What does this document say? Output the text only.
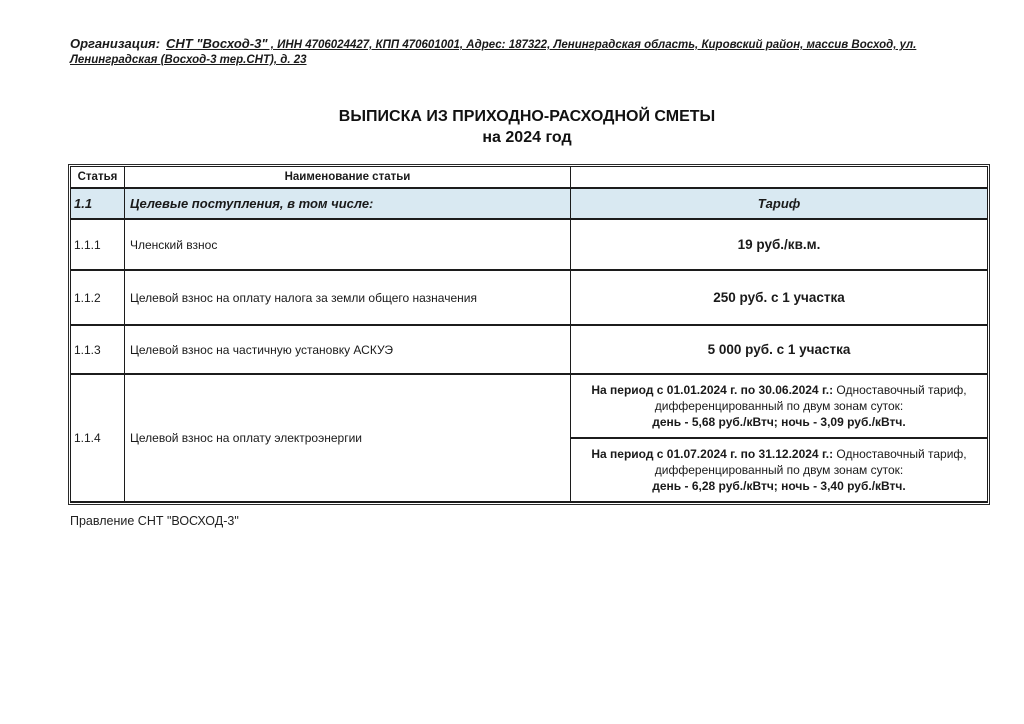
Организация: СНТ "Восход-3" , ИНН 4706024427, КПП 470601001, Адрес: 187322, Ленинградская область, Кировский район, массив Восход, ул. Ленинградская (Восход-3 тер.СНТ), д. 23
ВЫПИСКА ИЗ ПРИХОДНО-РАСХОДНОЙ СМЕТЫ
на 2024 год
Статья	Наименование статьи	
1.1	Целевые поступления, в том числе:	Тариф
1.1.1	Членский взнос	19 руб./кв.м.
1.1.2	Целевой взнос на оплату налога за земли общего назначения	250 руб. с 1 участка
1.1.3	Целевой взнос на частичную установку АСКУЭ	5 000 руб. с 1 участка
1.1.4	Целевой взнос на оплату электроэнергии	На период с 01.01.2024 г. по 30.06.2024 г.: Одноставочный тариф, дифференцированный по двум зонам суток:
день - 5,68 руб./кВтч; ночь - 3,09 руб./кВтч.

		На период с 01.07.2024 г. по 31.12.2024 г.: Одноставочный тариф, дифференцированный по двум зонам суток:
день - 6,28 руб./кВтч; ночь - 3,40 руб./кВтч.
Правление СНТ "ВОСХОД-3"
